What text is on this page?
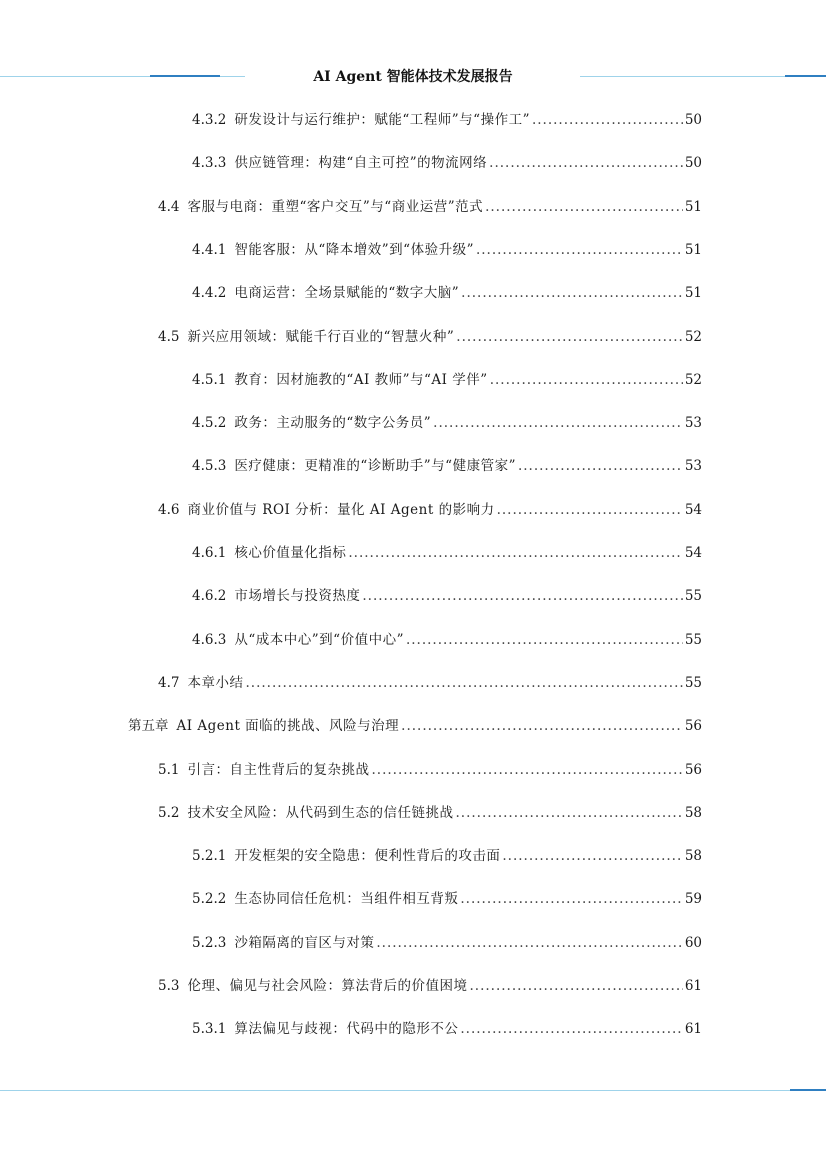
AI Agent 智能体技术发展报告
4.3.2 研发设计与运行维护：赋能“工程师”与“操作工” .....	50
4.3.3 供应链管理：构建“自主可控”的物流网络 .....	50
4.4 客服与电商：重塑“客户交互”与“商业运营”范式 .....	51
4.4.1 智能客服：从“降本增效”到“体验升级” .....	51
4.4.2 电商运营：全场景赋能的“数字大脑” .....	51
4.5 新兴应用领域：赋能千行百业的“智慧火种” .....	52
4.5.1 教育：因材施教的“AI 教师”与“AI 学伴” .....	52
4.5.2 政务：主动服务的“数字公务员” .....	53
4.5.3 医疗健康：更精准的“诊断助手”与“健康管家” .....	53
4.6 商业价值与 ROI 分析：量化 AI Agent 的影响力 .....	54
4.6.1 核心价值量化指标 .....	54
4.6.2 市场增长与投资热度 .....	55
4.6.3 从“成本中心”到“价值中心” .....	55
4.7 本章小结 .....	55
第五章 AI Agent 面临的挑战、风险与治理 .....	56
5.1 引言：自主性背后的复杂挑战 .....	56
5.2 技术安全风险：从代码到生态的信任链挑战 .....	58
5.2.1 开发框架的安全隐患：便利性背后的攻击面 .....	58
5.2.2 生态协同信任危机：当组件相互背叛 .....	59
5.2.3 沙箱隔离的盲区与对策 .....	60
5.3 伦理、偏见与社会风险：算法背后的价值困境 .....	61
5.3.1 算法偏见与歧视：代码中的隐形不公 .....	61
